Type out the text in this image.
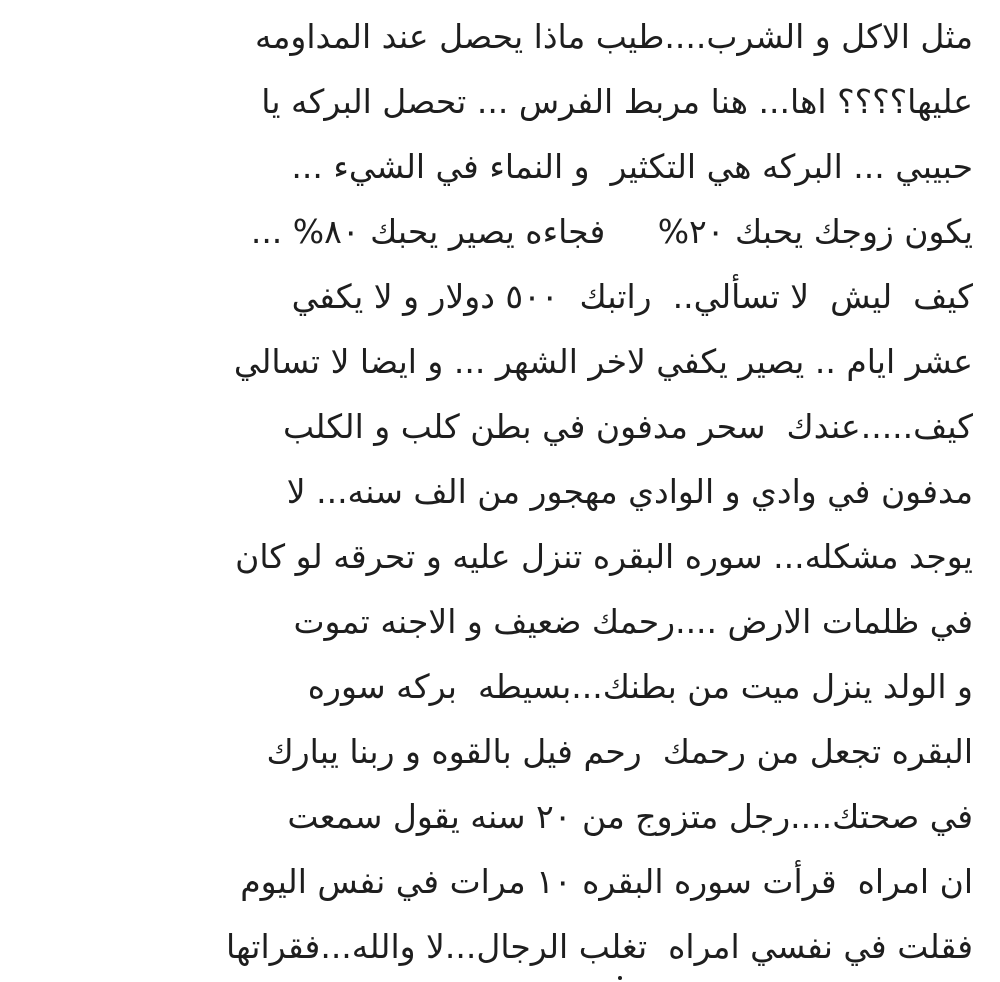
مثل الاكل و الشرب....طيب ماذا يحصل عند المداومه
عليها؟؟؟؟ اها... هنا مربط الفرس ... تحصل البركه يا
حبيبي ... البركه هي التكثير  و النماء في الشيء ...
يكون زوجك يحبك ٢٠%     فجاءه يصير يحبك ٨٠% ...
كيف  ليش  لا تسألي..  راتبك  ٥٠٠ دولار و لا يكفي
عشر ايام .. يصير يكفي لاخر الشهر ... و ايضا لا تسالي
كيف.....عندك  سحر مدفون في بطن كلب و الكلب
مدفون في وادي و الوادي مهجور من الف سنه... لا
يوجد مشكله... سوره البقره تنزل عليه و تحرقه لو كان
في ظلمات الارض ....رحمك ضعيف و الاجنه تموت
و الولد ينزل ميت من بطنك...بسيطه  بركه سوره
البقره تجعل من رحمك  رحم فيل بالقوه و ربنا يبارك
في صحتك....رجل متزوج من ٢٠ سنه يقول سمعت
ان امراه  قرأت سوره البقره ١٠ مرات في نفس اليوم
فقلت في نفسي امراه  تغلب الرجال...لا والله...فقراتها
